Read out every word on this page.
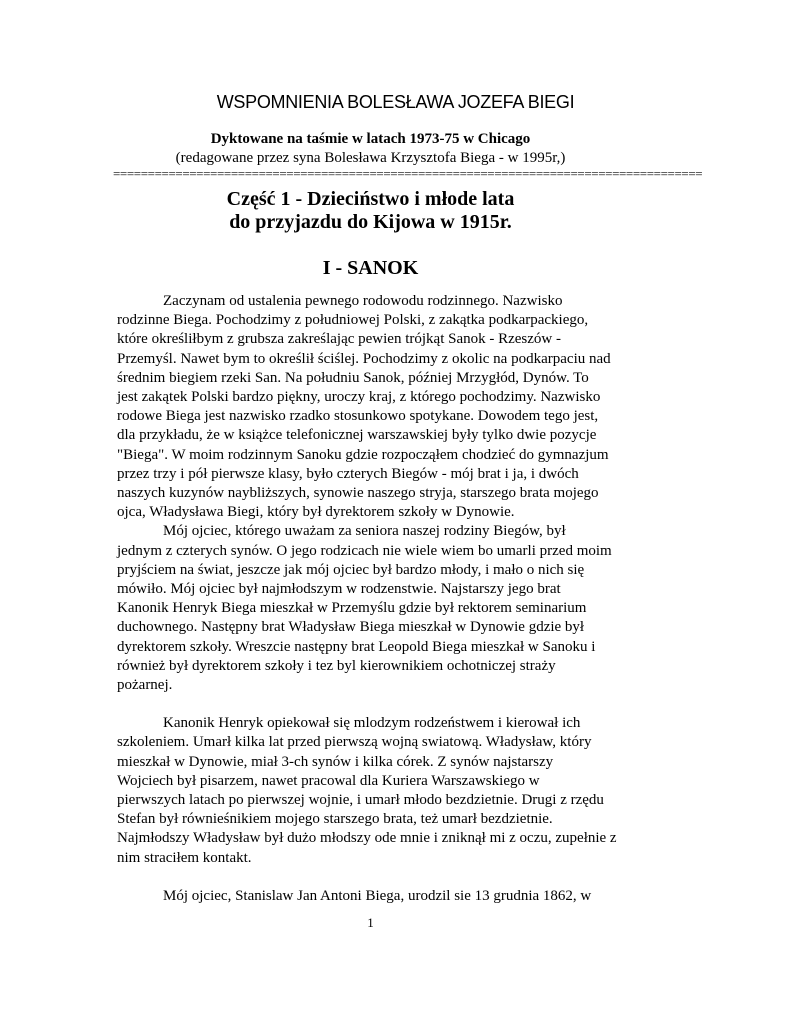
WSPOMNIENIA BOLESŁAWA JOZEFA BIEGI

Dyktowane na taśmie w latach 1973-75 w Chicago

(redagowane przez syna Bolesława Krzysztofa Biega - w 1995r,)

=====================================================================================

Część 1 - Dzieciństwo i młode lata
do przyjazdu do Kijowa w 1915r.
I - SANOK

Zaczynam od ustalenia pewnego rodowodu rodzinnego. Nazwisko
rodzinne Biega. Pochodzimy z południowej Polski, z zakątka podkarpackiego,
które określiłbym z grubsza zakreślając pewien trójkąt Sanok - Rzeszów -
Przemyśl. Nawet bym to określił ściślej. Pochodzimy z okolic na podkarpaciu nad
średnim biegiem rzeki San. Na południu Sanok, później Mrzygłód, Dynów. To
jest zakątek Polski bardzo piękny, uroczy kraj, z którego pochodzimy. Nazwisko
rodowe Biega jest nazwisko rzadko stosunkowo spotykane. Dowodem tego jest,
dla przykładu, że w książce telefonicznej warszawskiej były tylko dwie pozycje
"Biega". W moim rodzinnym Sanoku gdzie rozpocząłem chodzieć do gymnazjum
przez trzy i pół pierwsze klasy, było czterych Biegów - mój brat i ja, i dwóch
naszych kuzynów naybliższych, synowie naszego stryja, starszego brata mojego
ojca, Władysława Biegi, który był dyrektorem szkoły w Dynowie.

Mój ojciec, którego uważam za seniora naszej rodziny Biegów, był
jednym z czterych synów. O jego rodzicach nie wiele wiem bo umarli przed moim
pryjściem na świat, jeszcze jak mój ojciec był bardzo młody, i mało o nich się
mówiło. Mój ojciec był najmłodszym w rodzenstwie. Najstarszy jego brat
Kanonik Henryk Biega mieszkał w Przemyślu gdzie był rektorem seminarium
duchownego. Następny brat Władysław Biega mieszkał w Dynowie gdzie był
dyrektorem szkoły. Wreszcie następny brat Leopold Biega mieszkał w Sanoku i
również był dyrektorem szkoły i tez byl kierownikiem ochotniczej straży
pożarnej.

Kanonik Henryk opiekował się mlodzym rodzeństwem i kierował ich
szkoleniem. Umarł kilka lat przed pierwszą wojną swiatową. Władysław, który
mieszkał w Dynowie, miał 3-ch synów i kilka córek. Z synów najstarszy
Wojciech był pisarzem, nawet pracowal dla Kuriera Warszawskiego w
pierwszych latach po pierwszej wojnie, i umarł młodo bezdzietnie. Drugi z rzędu
Stefan był równieśnikiem mojego starszego brata, też umarł bezdzietnie.
Najmłodszy Władysław był dużo młodszy ode mnie i zniknął mi z oczu, zupełnie z
nim straciłem kontakt.

Mój ojciec, Stanislaw Jan Antoni Biega, urodzil sie 13 grudnia 1862, w

1
